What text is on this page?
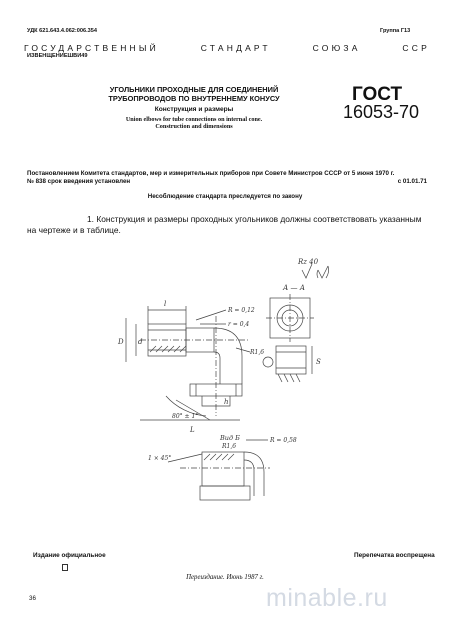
УДК 621.643.4.062:006.354	Группа Г13
ГОСУДАРСТВЕННЫЙ	СТАНДАРТ	СОЮЗА	ССР
ИЗВЕНЩЕНИЕШВИ49
УГОЛЬНИКИ ПРОХОДНЫЕ ДЛЯ СОЕДИНЕНИЙ
ТРУБОПРОВОДОВ ПО ВНУТРЕННЕМУ КОНУСУ
Конструкция и размеры
Union elbows for tube connections on internal cone.
Construction and dimensions
ГОСТ
16053-70
Постановлением Комитета стандартов, мер и измерительных приборов при Совете Министров СССР от 5 июня 1970 г.
№ 838 срок введения установлен	с 01.01.71
Несоблюдение стандарта преследуется по закону
1. Конструкция и размеры проходных угольников должны соответствовать указанным на чертеже и в таблице.
Rz 40
А — А
R = 0,12
r = 0,4
R1,6
l
L
D d
S
h
80° ± 1°
Вид Б
R1,6
R = 0,58
1 × 45°
Издание официальное	Перепечатка воспрещена
Переиздание. Июнь 1987 г.
36	minable.ru
